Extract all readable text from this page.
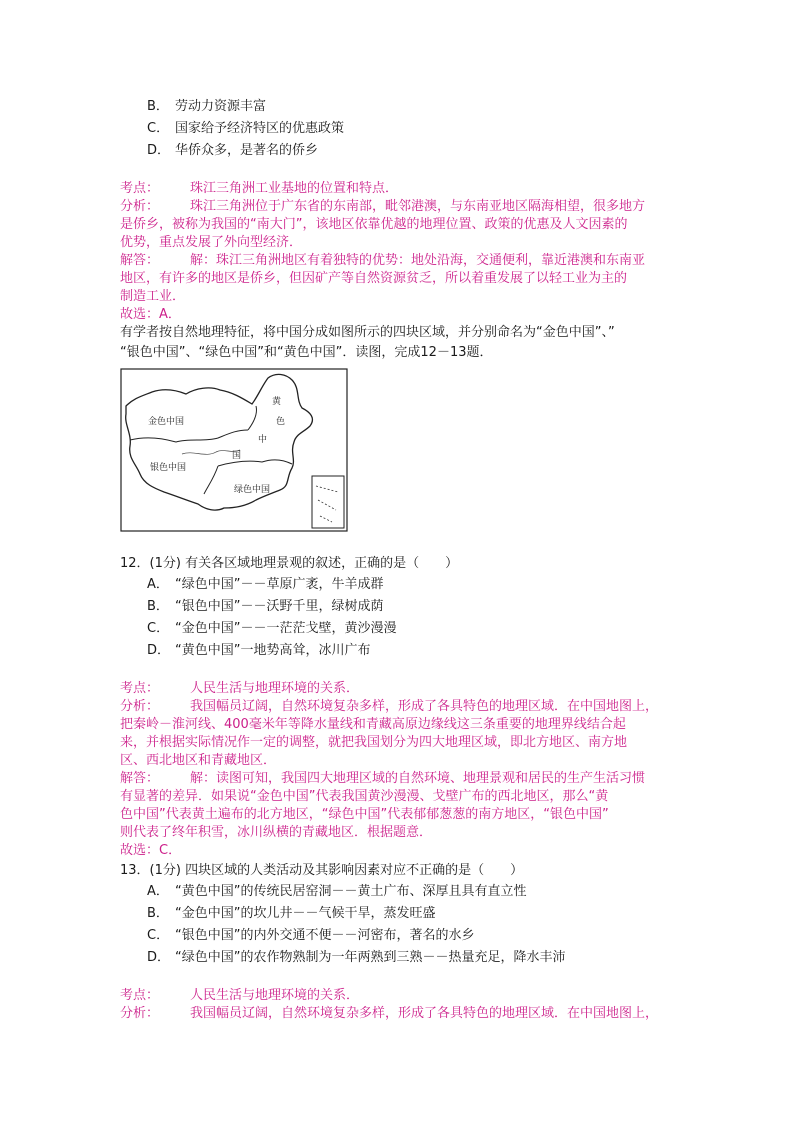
B． 劳动力资源丰富
C． 国家给予经济特区的优惠政策
D． 华侨众多，是著名的侨乡
考点： 珠江三角洲工业基地的位置和特点．
分析： 珠江三角洲位于广东省的东南部，毗邻港澳，与东南亚地区隔海相望，很多地方
是侨乡，被称为我国的“南大门”，该地区依靠优越的地理位置、政策的优惠及人文因素的
优势，重点发展了外向型经济．
解答： 解：珠江三角洲地区有着独特的优势：地处沿海，交通便利，靠近港澳和东南亚
地区，有许多的地区是侨乡，但因矿产等自然资源贫乏，所以着重发展了以轻工业为主的
制造工业．
故选：A．
有学者按自然地理特征，将中国分成如图所示的四块区域，并分别命名为“金色中国”、”
“银色中国”、“绿色中国”和“黄色中国”．读图，完成12－13题．
金色中国
银色中国
绿色中国
黄
色
中
国
12．(1分) 有关各区域地理景观的叙述，正确的是（　　）
A． “绿色中国”－－草原广袤，牛羊成群
B． “银色中国”－－沃野千里，绿树成荫
C． “金色中国”－－一茫茫戈壁，黄沙漫漫
D． “黄色中国”一地势高耸，冰川广布
考点： 人民生活与地理环境的关系．
分析： 我国幅员辽阔，自然环境复杂多样，形成了各具特色的地理区域．在中国地图上，
把秦岭－淮河线、400毫米年等降水量线和青藏高原边缘线这三条重要的地理界线结合起
来，并根据实际情况作一定的调整，就把我国划分为四大地理区域，即北方地区、南方地
区、西北地区和青藏地区．
解答： 解：读图可知，我国四大地理区域的自然环境、地理景观和居民的生产生活习惯
有显著的差异．如果说“金色中国”代表我国黄沙漫漫、戈壁广布的西北地区，那么“黄
色中国”代表黄土遍布的北方地区，“绿色中国”代表郁郁葱葱的南方地区，“银色中国”
则代表了终年积雪，冰川纵横的青藏地区．根据题意．
故选：C．
13．(1分) 四块区域的人类活动及其影响因素对应不正确的是（　　）
A． “黄色中国”的传统民居窑洞－－黄土广布、深厚且具有直立性
B． “金色中国”的坎儿井－－气候干旱，蒸发旺盛
C． “银色中国”的内外交通不便－－河密布，著名的水乡
D． “绿色中国”的农作物熟制为一年两熟到三熟－－热量充足，降水丰沛
考点： 人民生活与地理环境的关系．
分析： 我国幅员辽阔，自然环境复杂多样，形成了各具特色的地理区域．在中国地图上，
